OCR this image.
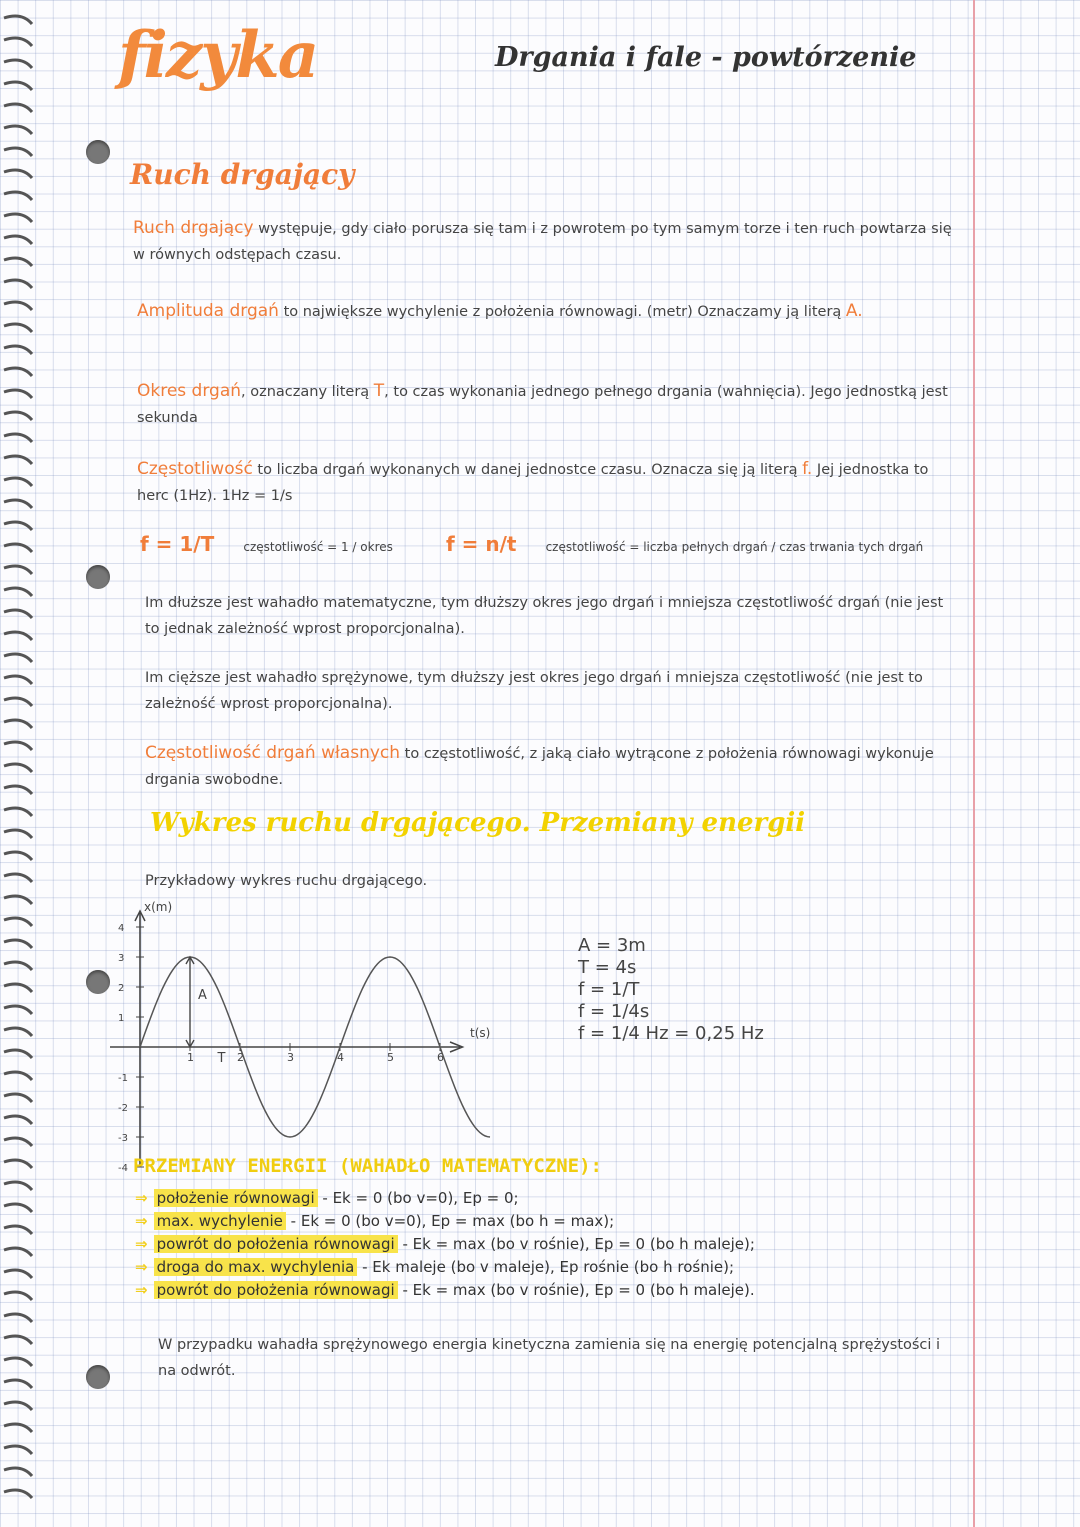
fizyka	Drgania i fale - powtórzenie
Ruch drgający
Ruch drgający występuje, gdy ciało porusza się tam i z powrotem po tym samym torze i ten ruch powtarza się w równych odstępach czasu.
Amplituda drgań to największe wychylenie z położenia równowagi. (metr) Oznaczamy ją literą A.
Okres drgań, oznaczany literą T, to czas wykonania jednego pełnego drgania (wahnięcia). Jego jednostką jest sekunda
Częstotliwość to liczba drgań wykonanych w danej jednostce czasu. Oznacza się ją literą f. Jej jednostka to herc (1Hz). 1Hz = 1/s
f = 1/T częstotliwość = 1 / okres	f = n/t częstotliwość = liczba pełnych drgań / czas trwania tych drgań
Im dłuższe jest wahadło matematyczne, tym dłuższy okres jego drgań i mniejsza częstotliwość drgań (nie jest to jednak zależność wprost proporcjonalna).
Im cięższe jest wahadło sprężynowe, tym dłuższy jest okres jego drgań i mniejsza częstotliwość (nie jest to zależność wprost proporcjonalna).
Częstotliwość drgań własnych to częstotliwość, z jaką ciało wytrącone z położenia równowagi wykonuje drgania swobodne.
Wykres ruchu drgającego. Przemiany energii
Przykładowy wykres ruchu drgającego.
x(m)
t(s)
1	2	3	4	5	6
4
3
2
1
-1
-2
-3
-4
A
T
A = 3m
T = 4s
f = 1/T
f = 1/4s
f = 1/4 Hz = 0,25 Hz
PRZEMIANY ENERGII (WAHADŁO MATEMATYCZNE):
⇒ położenie równowagi - Ek = 0 (bo v=0), Ep = 0;
⇒ max. wychylenie - Ek = 0 (bo v=0), Ep = max (bo h = max);
⇒ powrót do położenia równowagi - Ek = max (bo v rośnie), Ep = 0 (bo h maleje);
⇒ droga do max. wychylenia - Ek maleje (bo v maleje), Ep rośnie (bo h rośnie);
⇒ powrót do położenia równowagi - Ek = max (bo v rośnie), Ep = 0 (bo h maleje).
W przypadku wahadła sprężynowego energia kinetyczna zamienia się na energię potencjalną sprężystości i na odwrót.
